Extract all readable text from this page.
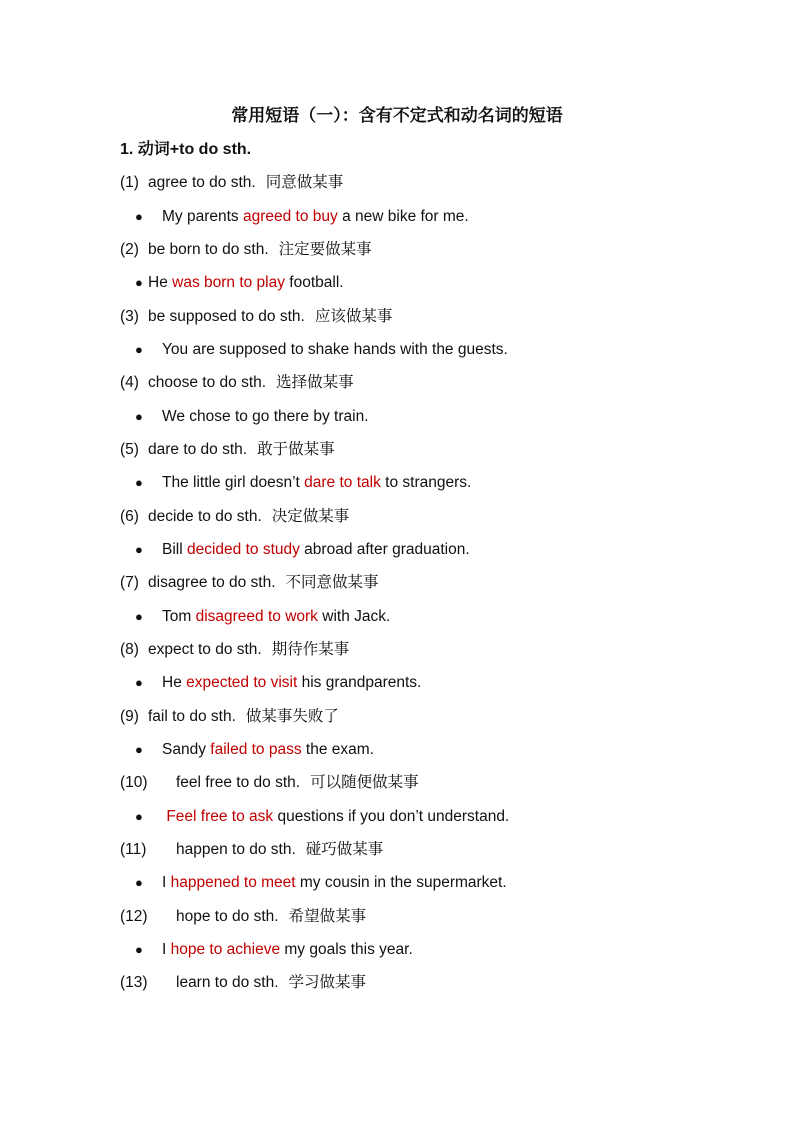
常用短语（一）：含有不定式和动名词的短语
1. 动词+to do sth.
(1) agree to do sth. 同意做某事
● My parents agreed to buy a new bike for me.
(2) be born to do sth. 注定要做某事
● He was born to play football.
(3) be supposed to do sth. 应该做某事
● You are supposed to shake hands with the guests.
(4) choose to do sth. 选择做某事
● We chose to go there by train.
(5) dare to do sth. 敢于做某事
● The little girl doesn’t dare to talk to strangers.
(6) decide to do sth. 决定做某事
● Bill decided to study abroad after graduation.
(7) disagree to do sth. 不同意做某事
● Tom disagreed to work with Jack.
(8) expect to do sth. 期待作某事
● He expected to visit his grandparents.
(9) fail to do sth. 做某事失败了
● Sandy failed to pass the exam.
(10) feel free to do sth. 可以随便做某事
● Feel free to ask questions if you don’t understand.
(11) happen to do sth. 碰巧做某事
● I happened to meet my cousin in the supermarket.
(12) hope to do sth. 希望做某事
● I hope to achieve my goals this year.
(13) learn to do sth. 学习做某事
